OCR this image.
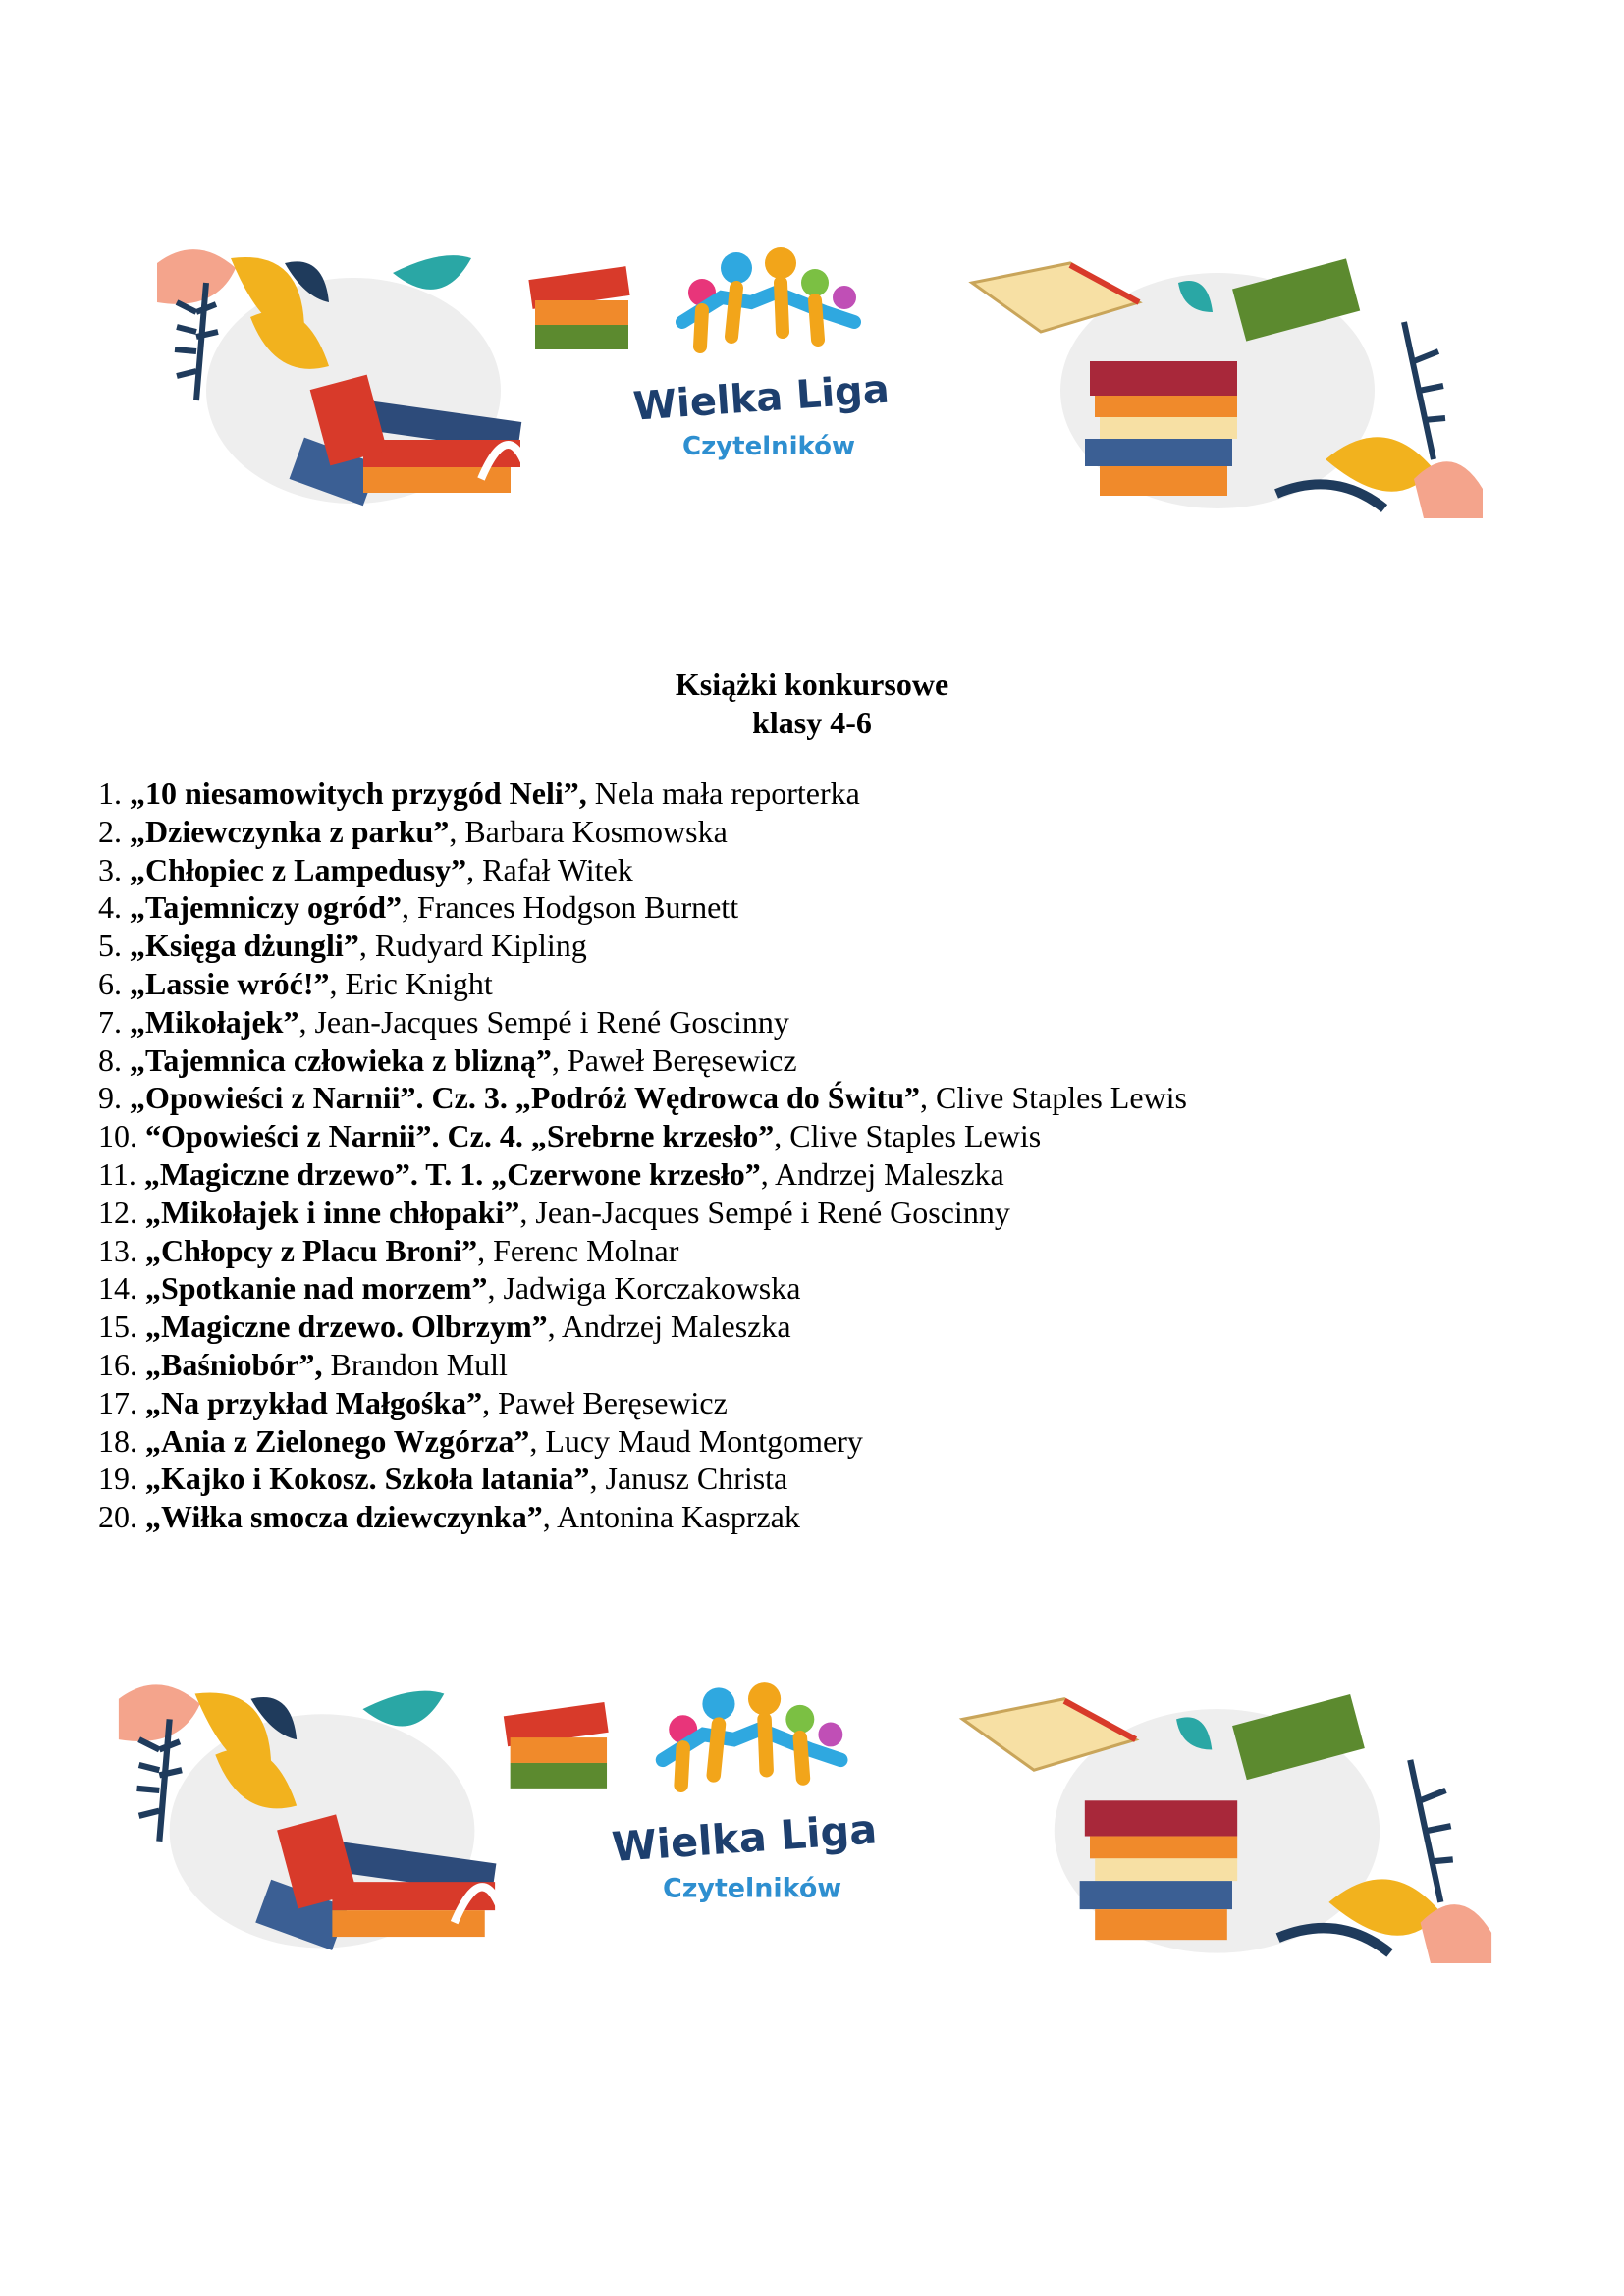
Wielka Liga
Czytelników
Książki konkursowe
klasy 4-6
1. „10 niesamowitych przygód Neli”, Nela mała reporterka
2. „Dziewczynka z parku”, Barbara Kosmowska
3. „Chłopiec z Lampedusy”, Rafał Witek
4. „Tajemniczy ogród”, Frances Hodgson Burnett
5. „Księga dżungli”, Rudyard Kipling
6. „Lassie wróć!”, Eric Knight
7. „Mikołajek”, Jean-Jacques Sempé i René Goscinny
8. „Tajemnica człowieka z blizną”, Paweł Beręsewicz
9. „Opowieści z Narnii”. Cz. 3. „Podróż Wędrowca do Świtu”, Clive Staples Lewis
10. “Opowieści z Narnii”. Cz. 4. „Srebrne krzesło”, Clive Staples Lewis
11. „Magiczne drzewo”. T. 1. „Czerwone krzesło”, Andrzej Maleszka
12. „Mikołajek i inne chłopaki”, Jean-Jacques Sempé i René Goscinny
13. „Chłopcy z Placu Broni”, Ferenc Molnar
14. „Spotkanie nad morzem”, Jadwiga Korczakowska
15. „Magiczne drzewo. Olbrzym”, Andrzej Maleszka
16. „Baśniobór”, Brandon Mull
17. „Na przykład Małgośka”, Paweł Beręsewicz
18. „Ania z Zielonego Wzgórza”, Lucy Maud Montgomery
19. „Kajko i Kokosz. Szkoła latania”, Janusz Christa
20. „Wiłka smocza dziewczynka”, Antonina Kasprzak
Wielka Liga
Czytelników
